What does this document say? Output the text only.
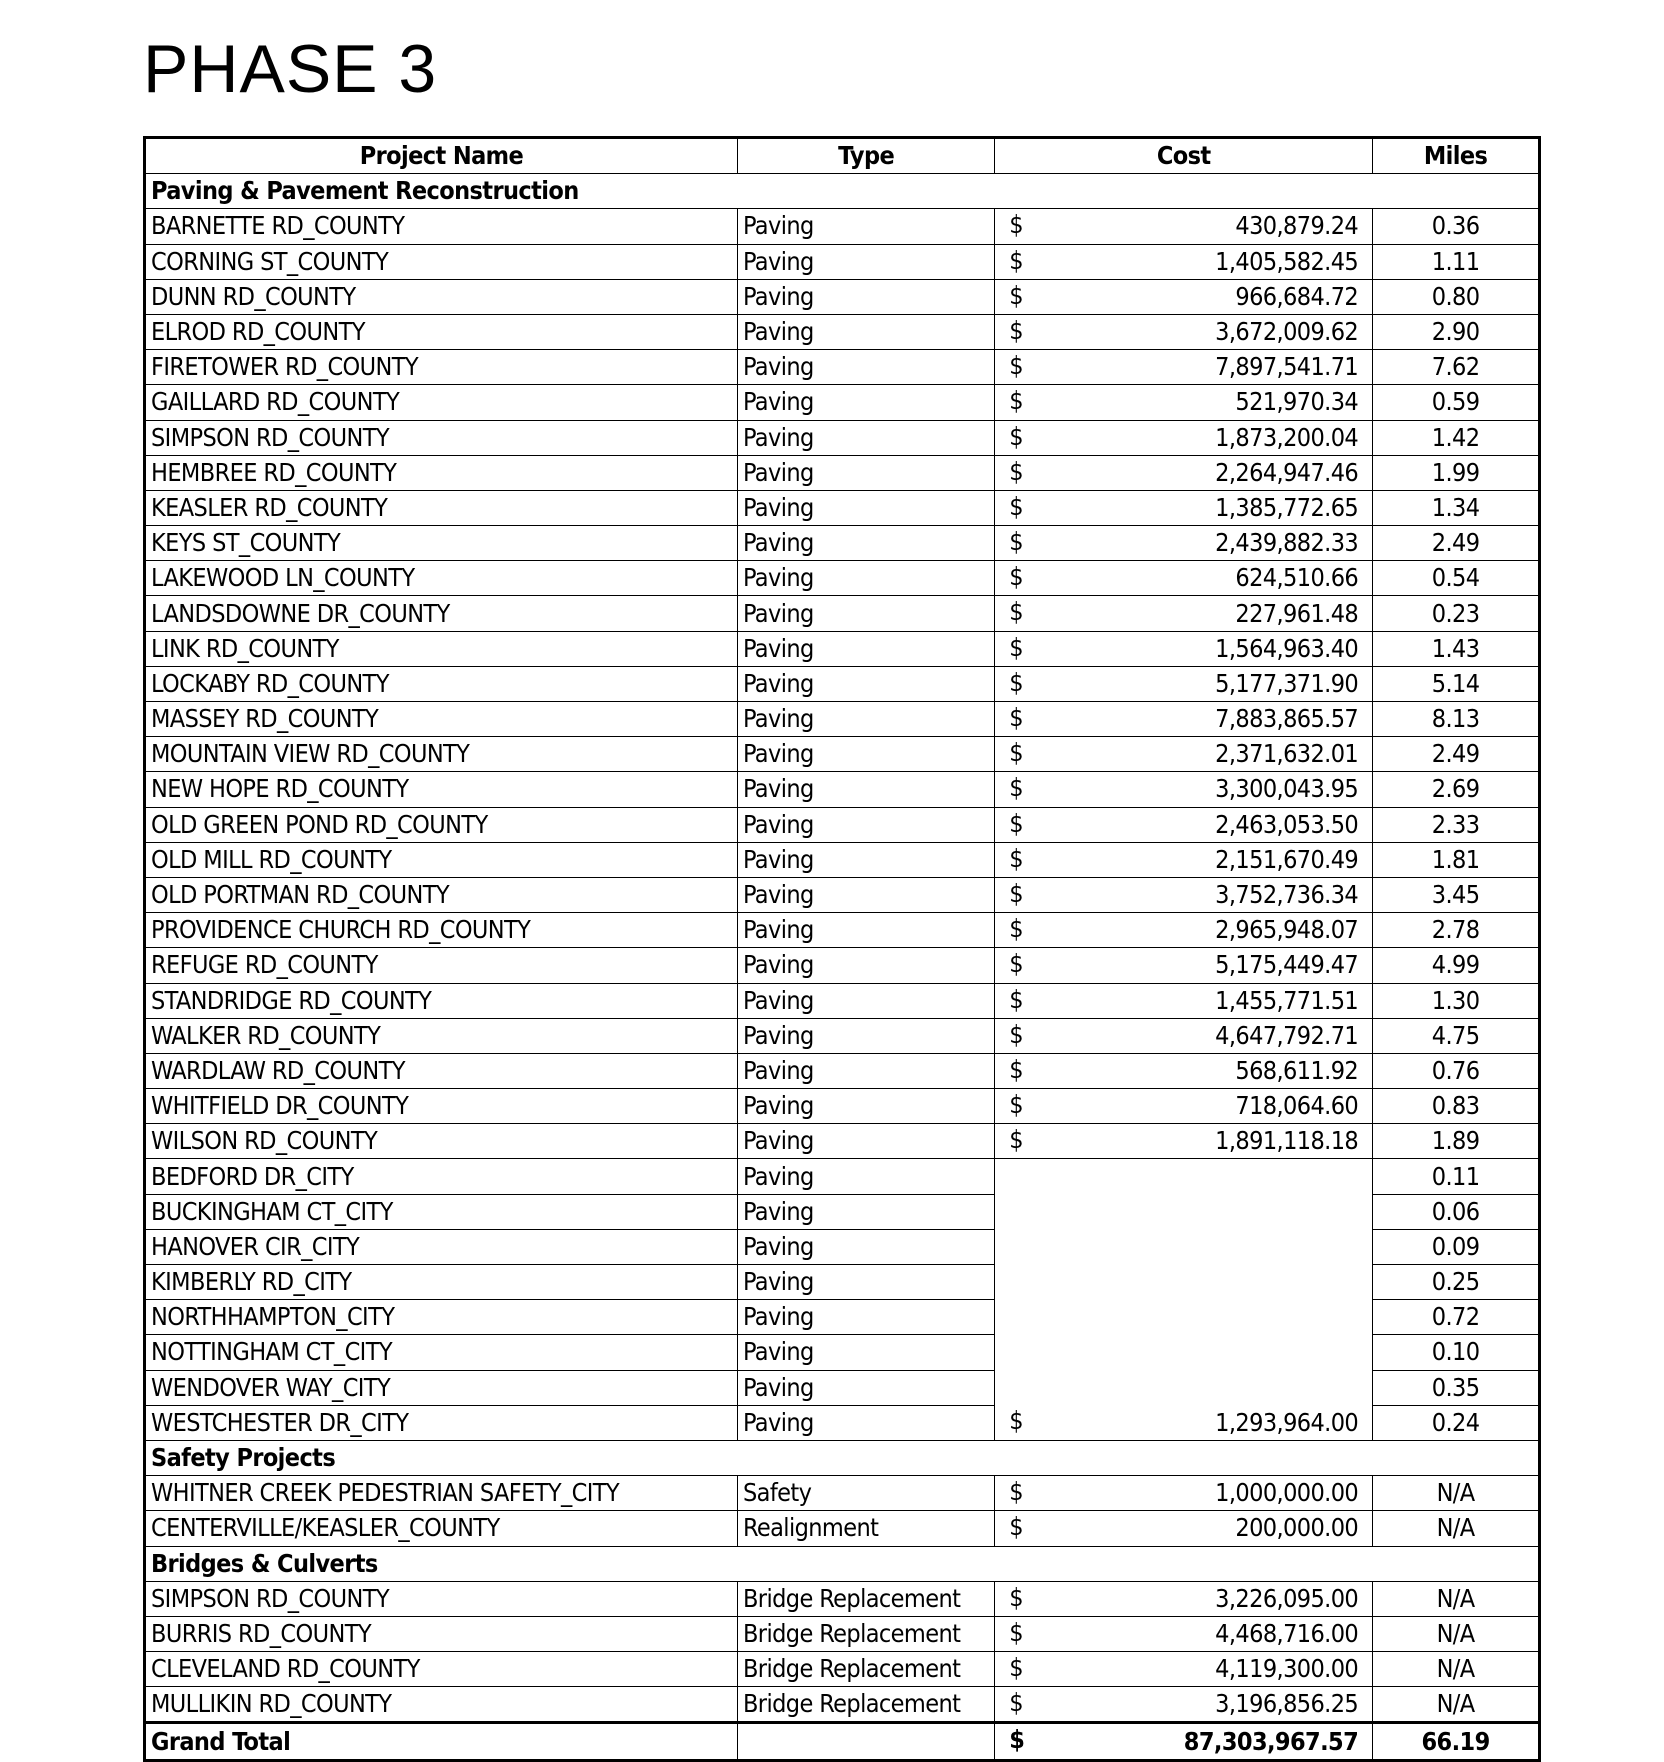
PHASE 3
Project Name	Type	Cost	Miles
Paving & Pavement Reconstruction			
BARNETTE RD_COUNTY	Paving	$ 430,879.24	0.36
CORNING ST_COUNTY	Paving	$ 1,405,582.45	1.11
DUNN RD_COUNTY	Paving	$ 966,684.72	0.80
ELROD RD_COUNTY	Paving	$ 3,672,009.62	2.90
FIRETOWER RD_COUNTY	Paving	$ 7,897,541.71	7.62
GAILLARD RD_COUNTY	Paving	$ 521,970.34	0.59
SIMPSON RD_COUNTY	Paving	$ 1,873,200.04	1.42
HEMBREE RD_COUNTY	Paving	$ 2,264,947.46	1.99
KEASLER RD_COUNTY	Paving	$ 1,385,772.65	1.34
KEYS ST_COUNTY	Paving	$ 2,439,882.33	2.49
LAKEWOOD LN_COUNTY	Paving	$ 624,510.66	0.54
LANDSDOWNE DR_COUNTY	Paving	$ 227,961.48	0.23
LINK RD_COUNTY	Paving	$ 1,564,963.40	1.43
LOCKABY RD_COUNTY	Paving	$ 5,177,371.90	5.14
MASSEY RD_COUNTY	Paving	$ 7,883,865.57	8.13
MOUNTAIN VIEW RD_COUNTY	Paving	$ 2,371,632.01	2.49
NEW HOPE RD_COUNTY	Paving	$ 3,300,043.95	2.69
OLD GREEN POND RD_COUNTY	Paving	$ 2,463,053.50	2.33
OLD MILL RD_COUNTY	Paving	$ 2,151,670.49	1.81
OLD PORTMAN RD_COUNTY	Paving	$ 3,752,736.34	3.45
PROVIDENCE CHURCH RD_COUNTY	Paving	$ 2,965,948.07	2.78
REFUGE RD_COUNTY	Paving	$ 5,175,449.47	4.99
STANDRIDGE RD_COUNTY	Paving	$ 1,455,771.51	1.30
WALKER RD_COUNTY	Paving	$ 4,647,792.71	4.75
WARDLAW RD_COUNTY	Paving	$ 568,611.92	0.76
WHITFIELD DR_COUNTY	Paving	$ 718,064.60	0.83
WILSON RD_COUNTY	Paving	$ 1,891,118.18	1.89
BEDFORD DR_CITY	Paving		0.11
BUCKINGHAM CT_CITY	Paving		0.06
HANOVER CIR_CITY	Paving		0.09
KIMBERLY RD_CITY	Paving		0.25
NORTHHAMPTON_CITY	Paving		0.72
NOTTINGHAM CT_CITY	Paving		0.10
WENDOVER WAY_CITY	Paving		0.35
WESTCHESTER DR_CITY	Paving	$ 1,293,964.00	0.24
Safety Projects			
WHITNER CREEK PEDESTRIAN SAFETY_CITY	Safety	$ 1,000,000.00	N/A
CENTERVILLE/KEASLER_COUNTY	Realignment	$ 200,000.00	N/A
Bridges & Culverts			
SIMPSON RD_COUNTY	Bridge Replacement	$ 3,226,095.00	N/A
BURRIS RD_COUNTY	Bridge Replacement	$ 4,468,716.00	N/A
CLEVELAND RD_COUNTY	Bridge Replacement	$ 4,119,300.00	N/A
MULLIKIN RD_COUNTY	Bridge Replacement	$ 3,196,856.25	N/A
Grand Total		$ 87,303,967.57	66.19
